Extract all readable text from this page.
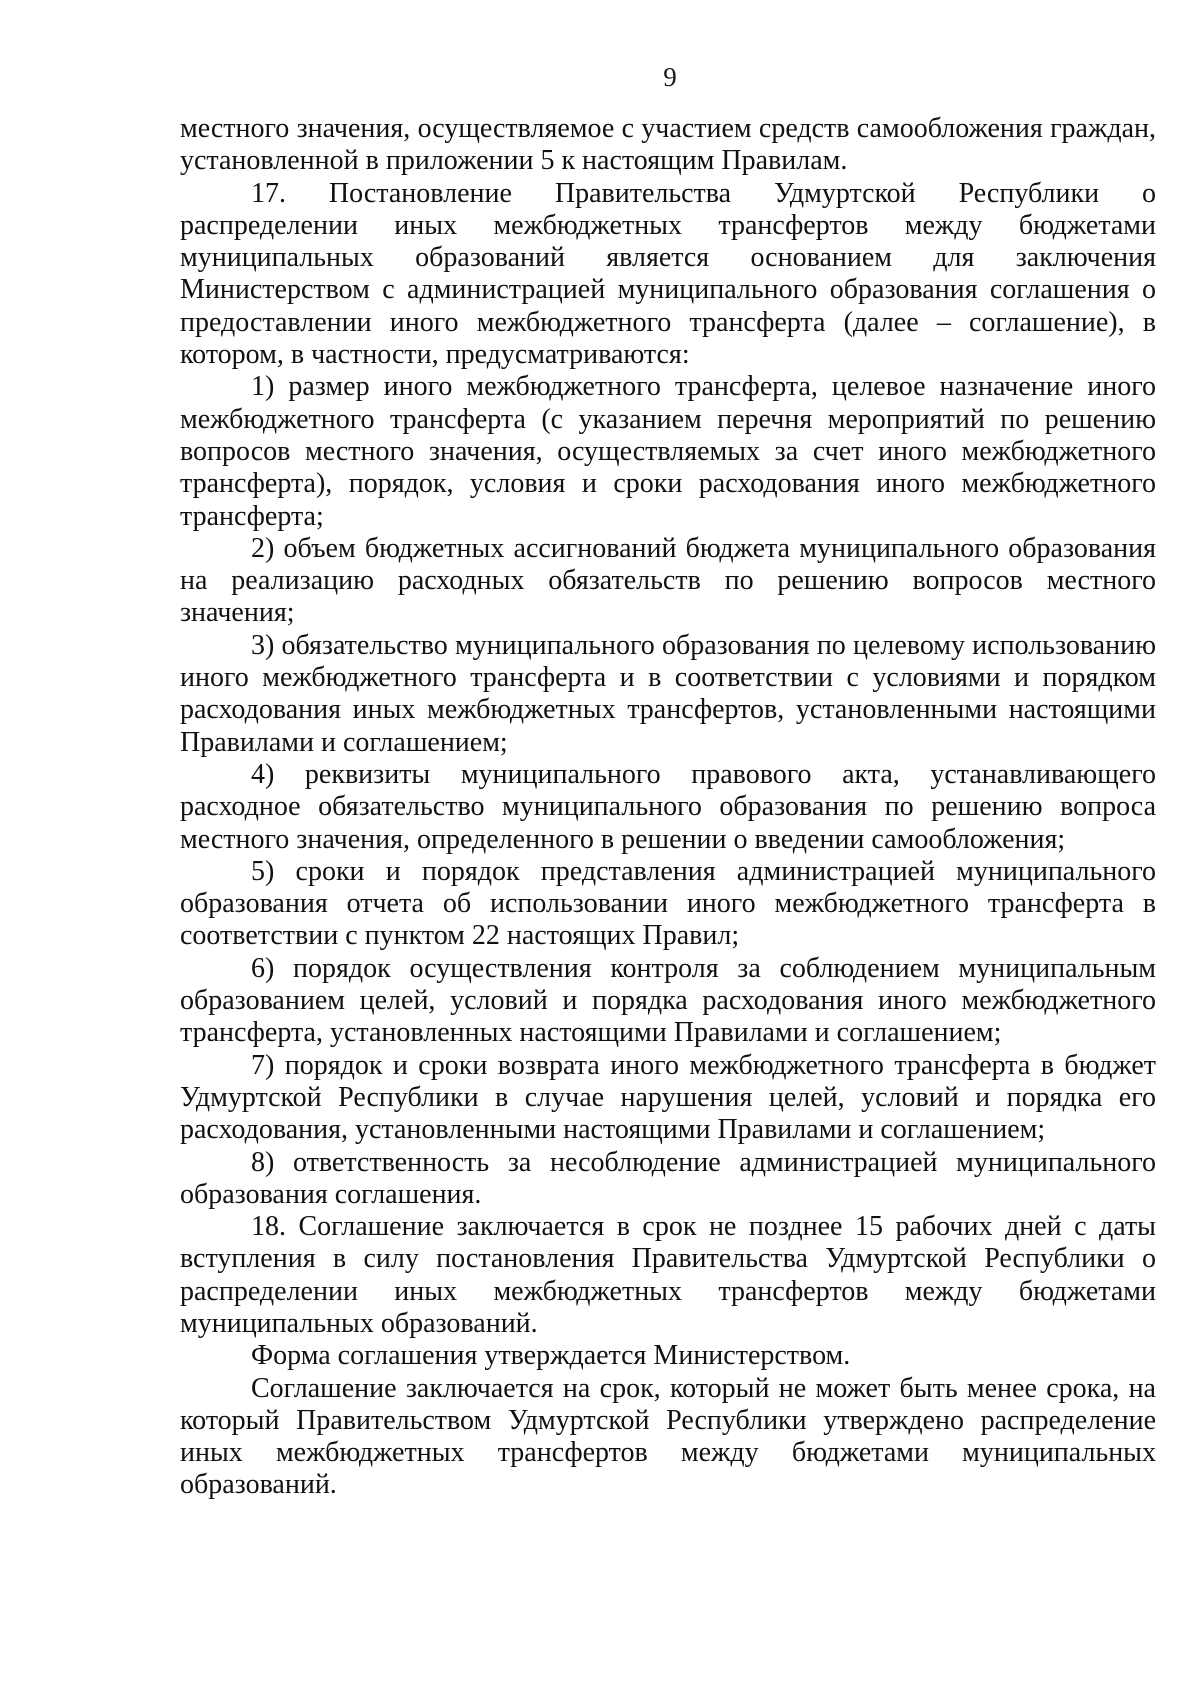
9

местного значения, осуществляемое с участием средств самообложения граждан, установленной в приложении 5 к настоящим Правилам.

17. Постановление Правительства Удмуртской Республики о распределении иных межбюджетных трансфертов между бюджетами муниципальных образований является основанием для заключения Министерством с администрацией муниципального образования соглашения о предоставлении иного межбюджетного трансферта (далее – соглашение), в котором, в частности, предусматриваются:

1) размер иного межбюджетного трансферта, целевое назначение иного межбюджетного трансферта (с указанием перечня мероприятий по решению вопросов местного значения, осуществляемых за счет иного межбюджетного трансферта), порядок, условия и сроки расходования иного межбюджетного трансферта;

2) объем бюджетных ассигнований бюджета муниципального образования на реализацию расходных обязательств по решению вопросов местного значения;

3) обязательство муниципального образования по целевому использованию иного межбюджетного трансферта и в соответствии с условиями и порядком расходования иных межбюджетных трансфертов, установленными настоящими Правилами и соглашением;

4) реквизиты муниципального правового акта, устанавливающего расходное обязательство муниципального образования по решению вопроса местного значения, определенного в решении о введении самообложения;

5) сроки и порядок представления администрацией муниципального образования отчета об использовании иного межбюджетного трансферта в соответствии с пунктом 22 настоящих Правил;

6) порядок осуществления контроля за соблюдением муниципальным образованием целей, условий и порядка расходования иного межбюджетного трансферта, установленных настоящими Правилами и соглашением;

7) порядок и сроки возврата иного межбюджетного трансферта в бюджет Удмуртской Республики в случае нарушения целей, условий и порядка его расходования, установленными настоящими Правилами и соглашением;

8) ответственность за несоблюдение администрацией муниципального образования соглашения.

18. Соглашение заключается в срок не позднее 15 рабочих дней с даты вступления в силу постановления Правительства Удмуртской Республики о распределении иных межбюджетных трансфертов между бюджетами муниципальных образований.

Форма соглашения утверждается Министерством.

Соглашение заключается на срок, который не может быть менее срока, на который Правительством Удмуртской Республики утверждено распределение иных межбюджетных трансфертов между бюджетами муниципальных образований.
